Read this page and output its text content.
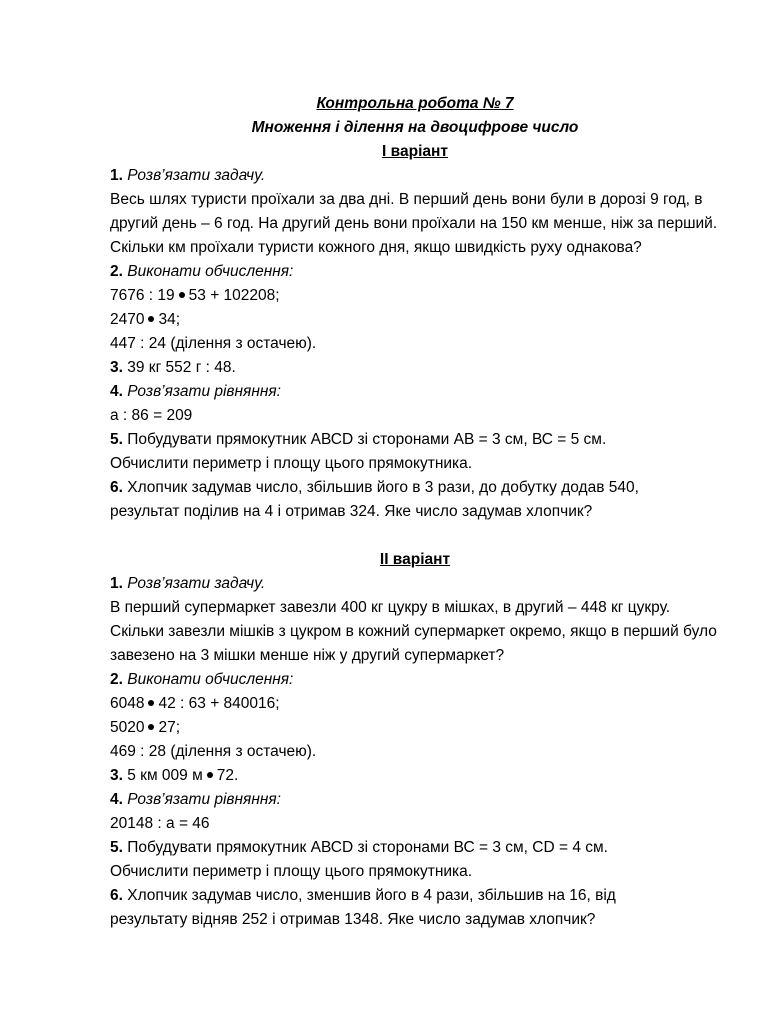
Контрольна робота № 7
Множення і ділення на двоцифрове число
I варіант
1. Розв’язати задачу.
Весь шлях туристи проїхали за два дні. В перший день вони були в дорозі 9 год, в другий день – 6 год. На другий день вони проїхали на 150 км менше, ніж за перший. Скільки км проїхали туристи кожного дня, якщо швидкість руху однакова?
2. Виконати обчислення:
7676 : 19 53 + 102208;
2470 34;
447 : 24 (ділення з остачею).
3. 39 кг 552 г : 48.
4. Розв’язати рівняння:
а : 86 = 209
5. Побудувати прямокутник АВСD зі сторонами АВ = 3 см, ВС = 5 см.
Обчислити периметр і площу цього прямокутника.
6. Хлопчик задумав число, збільшив його в 3 рази, до добутку додав 540,
результат поділив на 4 і отримав 324. Яке число задумав хлопчик?
II варіант
1. Розв’язати задачу.
В перший супермаркет завезли 400 кг цукру в мішках, в другий – 448 кг цукру. Скільки завезли мішків з цукром в кожний супермаркет окремо, якщо в перший було завезено на 3 мішки менше ніж у другий супермаркет?
2. Виконати обчислення:
6048 42 : 63 + 840016;
5020 27;
469 : 28 (ділення з остачею).
3. 5 км 009 м 72.
4. Розв’язати рівняння:
20148 : а = 46
5. Побудувати прямокутник АВСD зі сторонами ВС = 3 см, CD = 4 см.
Обчислити периметр і площу цього прямокутника.
6. Хлопчик задумав число, зменшив його в 4 рази, збільшив на 16, від
результату відняв 252 і отримав 1348. Яке число задумав хлопчик?
